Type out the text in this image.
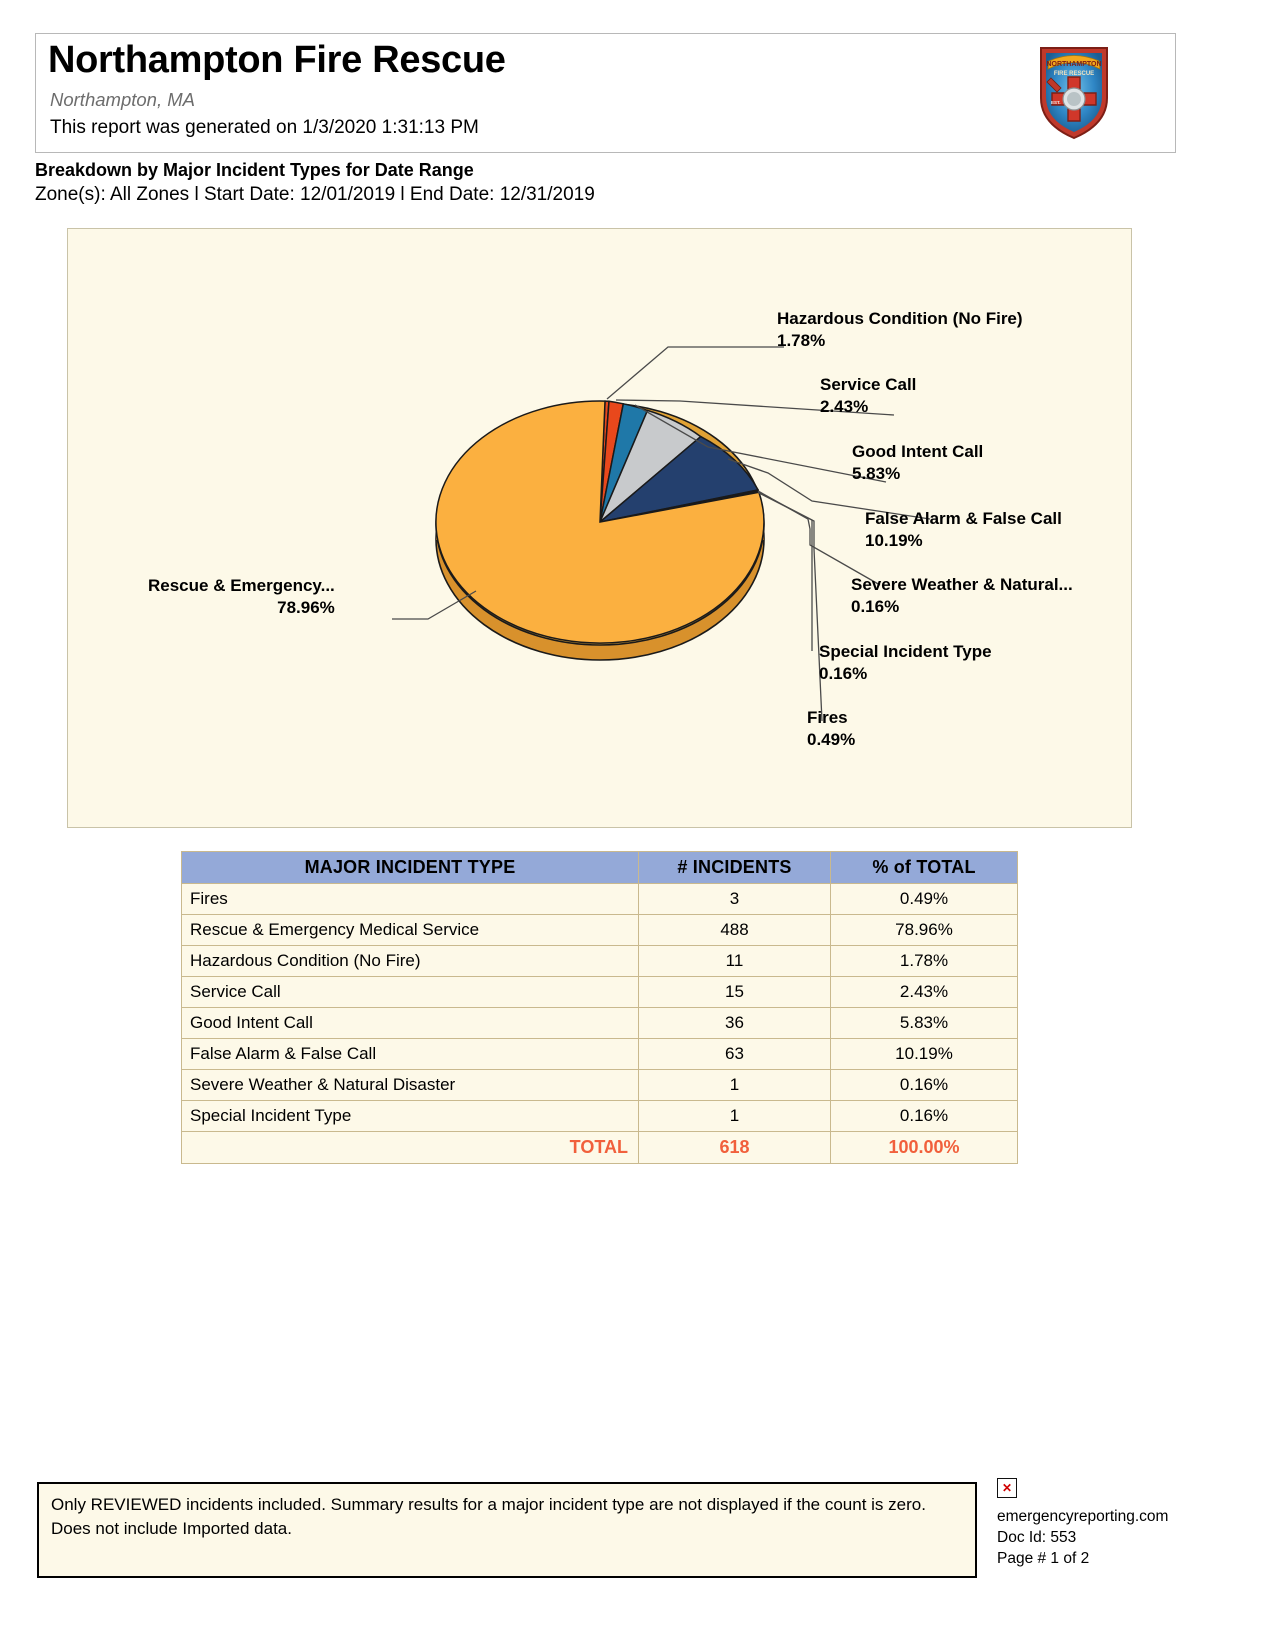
Northampton Fire Rescue
Northampton, MA
This report was generated on 1/3/2020 1:31:13 PM
NORTHAMPTON
FIRE RESCUE
EST.
Breakdown by Major Incident Types for Date Range
Zone(s): All Zones l Start Date: 12/01/2019 l End Date: 12/31/2019
Hazardous Condition (No Fire)
1.78%
Service Call
2.43%
Good Intent Call
5.83%
False Alarm & False Call
10.19%
Severe Weather & Natural...
0.16%
Special Incident Type
0.16%
Fires
0.49%
Rescue & Emergency...
78.96%
MAJOR INCIDENT TYPE	# INCIDENTS	% of TOTAL
Fires	3	0.49%
Rescue & Emergency Medical Service	488	78.96%
Hazardous Condition (No Fire)	11	1.78%
Service Call	15	2.43%
Good Intent Call	36	5.83%
False Alarm & False Call	63	10.19%
Severe Weather & Natural Disaster	1	0.16%
Special Incident Type	1	0.16%
TOTAL	618	100.00%
Only REVIEWED incidents included. Summary results for a major incident type are not displayed if the count is zero.
Does not include Imported data.
✕
emergencyreporting.com
Doc Id: 553
Page # 1 of 2
